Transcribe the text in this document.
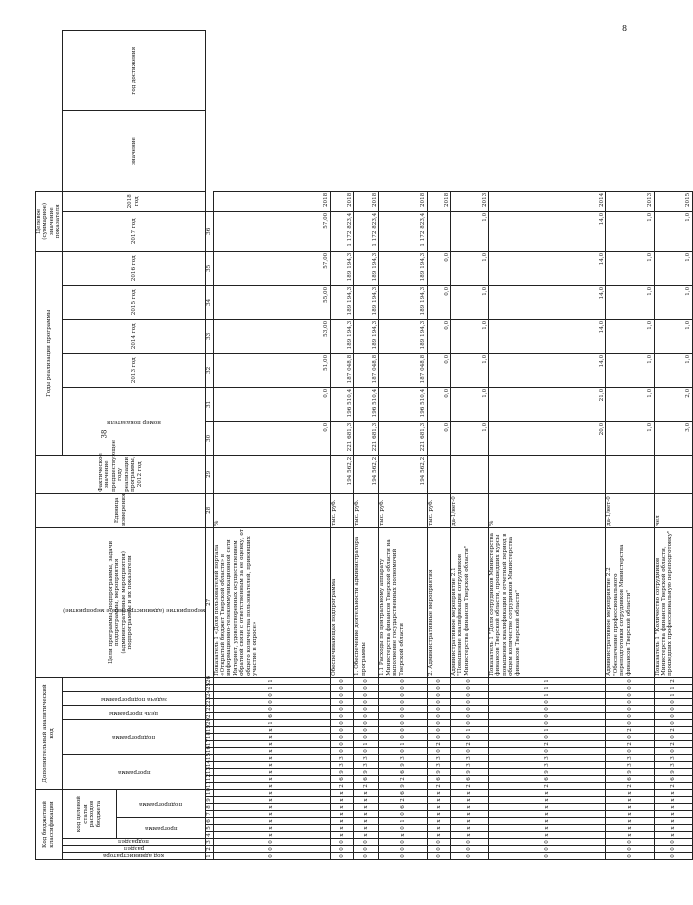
38
8
Код бюджетной классификации										Дополнительный аналитический код																Цели программы, подпрограммы, задачи подпрограммы, мероприятия (административные мероприятия) подпрограммы и их показатели	Единица измерения	Фактическое значение предшествующее году реализации программы, 2012 год	Годы реализации программы						Целевое (суммарное) значение показателя			

код администратора	раздел	подраздел	код целевой статьи расходов бюджета							программа					подпрограмма					цель программы		задача подпрограммы		мероприятие (административное мероприятие)					номер показателя		2013 год	2014 год	2015 год	2016 год	2017 год	2018 год	значение	год достижения

			программа			подпрограмма																																

1	2	3	4	5	6	7	8	9	10	11	12	13	14	15	16	17	18	19	20	21	22	23	24	25	26	27	28	29	30	31	32	33	34	35	36			
0	0	0	x	x	x	x	x	x	x	x	x	x	x	x	x	x	x	x	1	6	0	0	0	1	1	Показатель 1 «Доля пользователей портала «Открытый бюджет Тверской области» в информационно-телекоммуникационной сети Интернет, удовлетворенных осуществлением обратной связи с ответственным за ее оценку, от общего количества пользователей, принявших участие в опросе»	%		0,0	0,0	51,00	53,00	55,00	57,00	57,00	2018		
0	0	0	x	x	x	x	x	x	x	2	6	9	3	3	0	0	0	0	0	0	0	0	0	0	0	Обеспечивающая подпрограмма	тыс. руб.	194 562,2	221 681,3	196 510,4	187 048,8	189 194,3	189 194,3	189 194,3	1 172 823,4	2018		
0	0	0	x	x	x	x	x	x	x	2	6	9	3	3	0	1	0	0	0	0	0	0	0	0	0	1. Обеспечение деятельности администратора программы	тыс. руб.	194 562,2	221 681,3	196 510,4	187 048,8	189 194,3	189 194,3	189 194,3	1 172 823,4	2018		
0	0	0	x	0	1	0	6	2	6	9	2	6	9	3	0	1	0	0	0	0	0	0	0	0	0	1.1 Расходы по центральному аппарату Министерства финансов Тверской области на выполнение государственных полномочий Тверской области	тыс. руб.	194 562,2	221 681,3	196 510,4	187 048,8	189 194,3	189 194,3	189 194,3	1 172 823,4	2018		
0	0	0	x	x	x	x	x	x	x	2	6	9	3	3	0	2	0	0	0	0	0	0	0	0	0	2. Административные мероприятия	тыс. руб.		0,0	0,0	0,0	0,0	0,0	0,0		2018		
0	0	0	x	x	x	x	x	x	x	2	6	9	3	3	0	2	0	1	0	0	0	0	0	0	0	Административное мероприятие 2.1 "Повышение квалификации сотрудников Министерства финансов Тверской области"	да-1/нет-0		1,0	1,0	1,0	1,0	1,0	1,0	1,0	2013		
0	0	0	x	x	x	x	x	x	x	2	6	9	3	3	0	2	0	1	0	0	0	0	1	1	1	Показатель 1 "Доля сотрудников Министерства финансов Тверской области, прошедших курсы повышения квалификации в отчетный период в общем количестве сотрудников Министерства финансов Тверской области"	%		20,0	21,0	14,0	14,0	14,0	14,0	14,0	2014		
0	0	0	x	x	x	x	x	x	x	2	6	9	3	3	0	2	0	2	0	0	0	0	0	0	0	Административное мероприятие 2.2 "Обеспечение профессионального переподготовки сотрудников Министерства финансов Тверской области"	да-1/нет-0		1,0	1,0	1,0	1,0	1,0	1,0	1,0	2013		
0	0	0	x	x	x	x	x	x	x	2	6	9	3	3	0	2	0	2	0	0	0	0	1	1	2	Показатель 1 "Количество сотрудников Министерства финансов Тверской области, прошедших профессиональную переподготовку"	чел		3,0	2,0	1,0	1,0	1,0	1,0	1,0	2015		
